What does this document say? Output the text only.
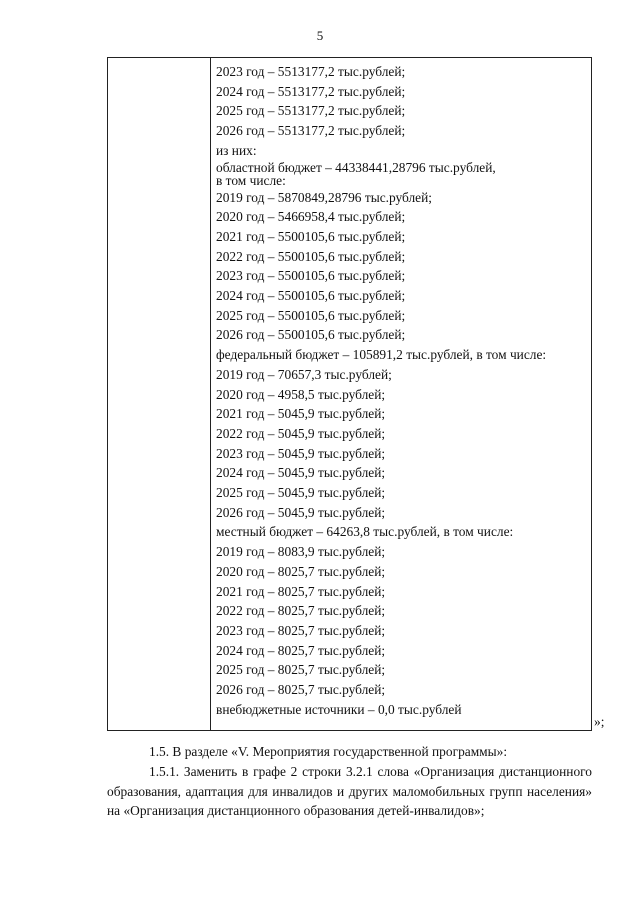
5
2023 год – 5513177,2 тыс.рублей;
2024 год – 5513177,2 тыс.рублей;
2025 год – 5513177,2 тыс.рублей;
2026 год – 5513177,2 тыс.рублей;
из них:
областной бюджет – 44338441,28796 тыс.рублей,
в том числе:
2019 год – 5870849,28796 тыс.рублей;
2020 год – 5466958,4 тыс.рублей;
2021 год – 5500105,6 тыс.рублей;
2022 год – 5500105,6 тыс.рублей;
2023 год – 5500105,6 тыс.рублей;
2024 год – 5500105,6 тыс.рублей;
2025 год – 5500105,6 тыс.рублей;
2026 год – 5500105,6 тыс.рублей;
федеральный бюджет – 105891,2 тыс.рублей, в том числе:
2019 год – 70657,3 тыс.рублей;
2020 год – 4958,5 тыс.рублей;
2021 год – 5045,9 тыс.рублей;
2022 год – 5045,9 тыс.рублей;
2023 год – 5045,9 тыс.рублей;
2024 год – 5045,9 тыс.рублей;
2025 год – 5045,9 тыс.рублей;
2026 год – 5045,9 тыс.рублей;
местный бюджет – 64263,8 тыс.рублей, в том числе:
2019 год – 8083,9 тыс.рублей;
2020 год – 8025,7 тыс.рублей;
2021 год – 8025,7 тыс.рублей;
2022 год – 8025,7 тыс.рублей;
2023 год – 8025,7 тыс.рублей;
2024 год – 8025,7 тыс.рублей;
2025 год – 8025,7 тыс.рублей;
2026 год – 8025,7 тыс.рублей;
внебюджетные источники – 0,0 тыс.рублей
»;
1.5. В разделе «V. Мероприятия государственной программы»:
1.5.1. Заменить в графе 2 строки 3.2.1 слова «Организация дистанционного образования, адаптация для инвалидов и других маломобильных групп населения» на «Организация дистанционного образования детей-инвалидов»;
